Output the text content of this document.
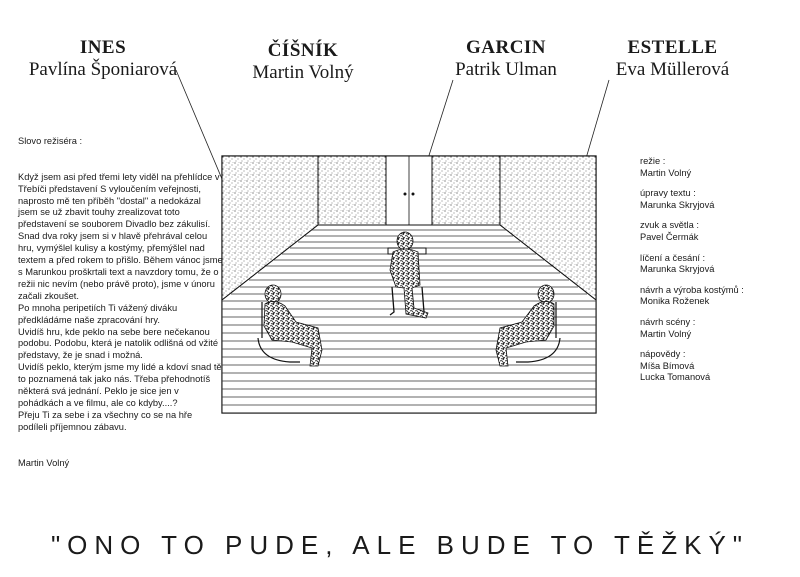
INES
Pavlína Šponiarová
ČÍŠNÍK
Martin Volný
GARCIN
Patrik Ulman
ESTELLE
Eva Müllerová

Slovo režiséra :

Když jsem asi před třemi lety viděl na přehlídce v Třebíči představení S vyloučením veřejnosti, naprosto mě ten příběh "dostal" a nedokázal jsem se už zbavit touhy zrealizovat toto představení se souborem Divadlo bez zákulisí.
Snad dva roky jsem si v hlavě přehrával celou hru, vymýšlel kulisy a kostýmy, přemýšlel nad textem a před rokem to přišlo. Během vánoc jsme s Marunkou proškrtali text a navzdory tomu, že o režii nic nevím (nebo právě proto), jsme v únoru začali zkoušet.
Po mnoha peripetiích Ti vážený diváku předkládáme naše zpracování hry.
Uvidíš hru, kde peklo na sebe bere nečekanou podobu. Podobu, která je natolik odlišná od vžité představy, že je snad i možná.
Uvidíš peklo, kterým jsme my lidé a kdoví snad tě to poznamená tak jako nás. Třeba přehodnotíš některá svá jednání. Peklo je sice jen v pohádkách a ve filmu, ale co kdyby....?
Přeju Ti za sebe i za všechny co se na hře podíleli příjemnou zábavu.

Martin Volný

režie :
Martin Volný
úpravy textu :
Marunka Skryjová
zvuk a světla :
Pavel Čermák
líčení a česání :
Marunka Skryjová
návrh a výroba kostýmů :
Monika Roženek
návrh scény :
Martin Volný
nápovědy :
Míša Bímová
Lucka Tomanová
"ONO TO PUDE, ALE BUDE TO TĚŽKÝ"
